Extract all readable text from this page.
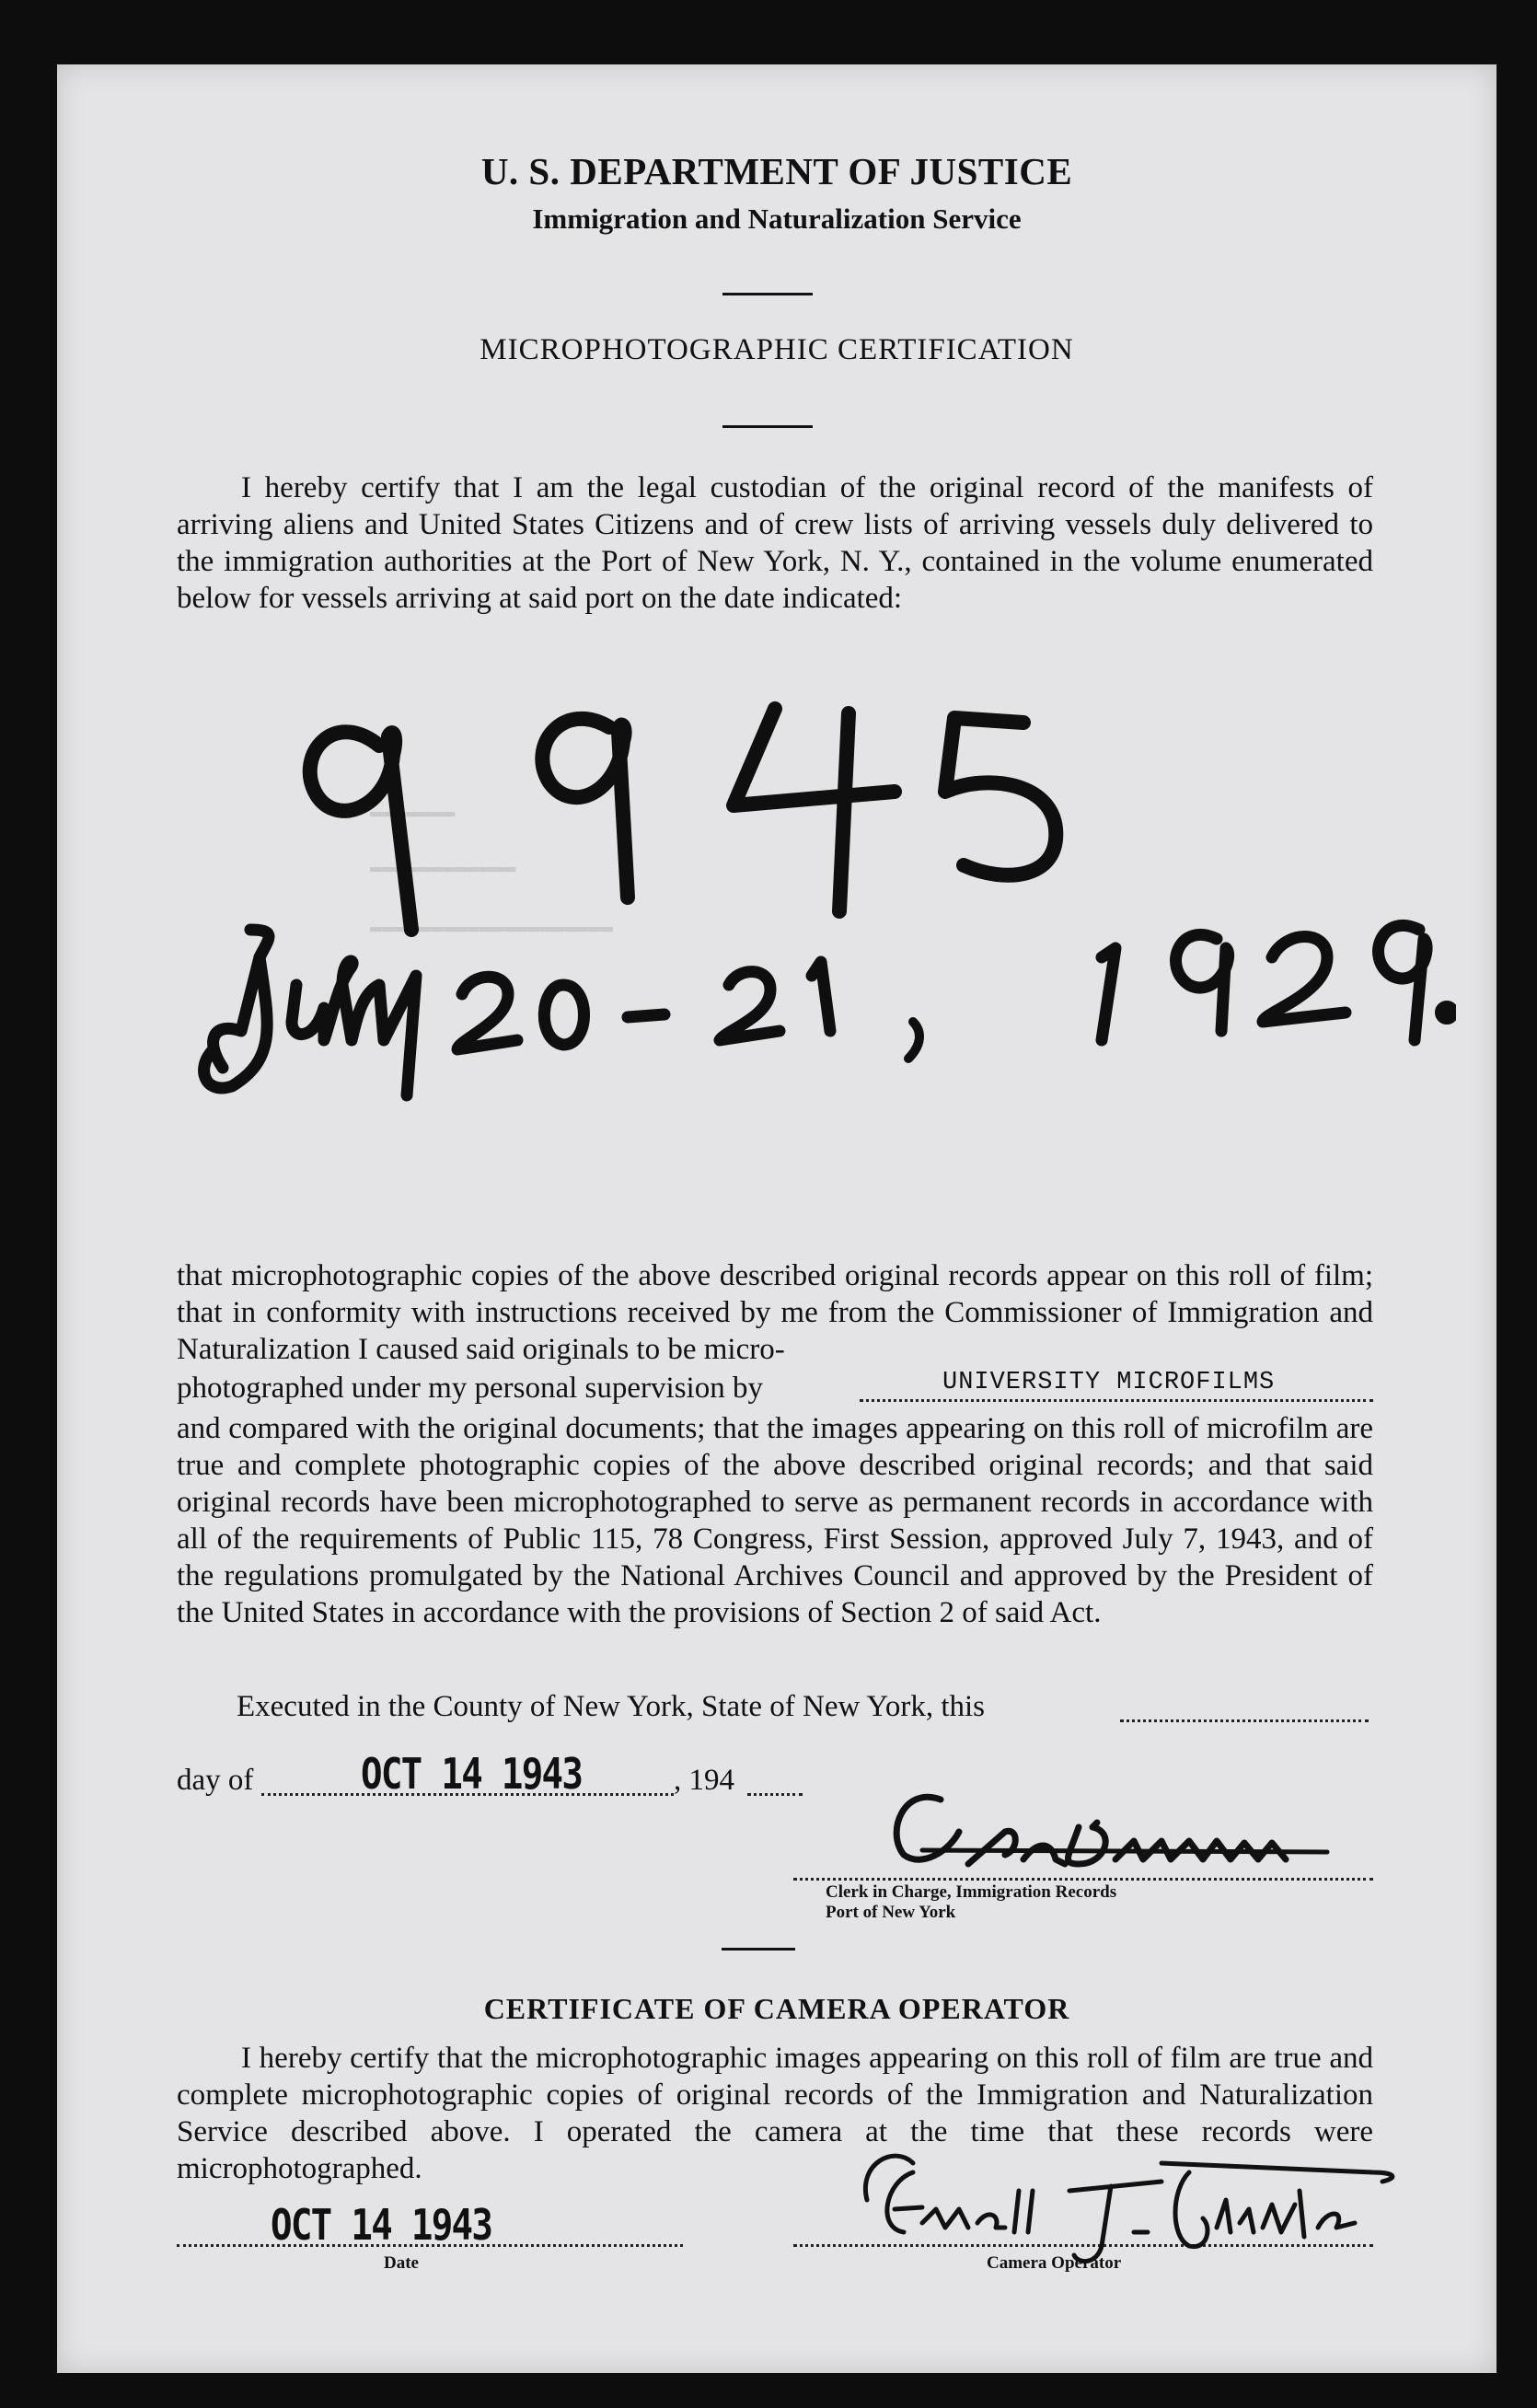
U. S. DEPARTMENT OF JUSTICE
Immigration and Naturalization Service
MICROPHOTOGRAPHIC CERTIFICATION
I hereby certify that I am the legal custodian of the original record of the manifests of arriving aliens and United States Citizens and of crew lists of arriving vessels duly delivered to the immigration authorities at the Port of New York, N. Y., contained in the volume enumerated below for vessels arriving at said port on the date indicated:
▬▬▬▬▬▬▬
▬▬▬▬▬▬▬▬▬▬▬▬
▬▬▬▬▬▬▬▬▬▬▬▬▬▬▬▬▬▬▬▬
that microphotographic copies of the above described original records appear on this roll of film; that in conformity with instructions received by me from the Commissioner of Immigration and Naturalization I caused said originals to be micro-
photographed under my personal supervision by	UNIVERSITY MICROFILMS
and compared with the original documents; that the images appearing on this roll of microfilm are true and complete photographic copies of the above described original records; and that said original records have been microphotographed to serve as permanent records in accordance with all of the requirements of Public 115, 78 Congress, First Session, approved July 7, 1943, and of the regulations promulgated by the National Archives Council and approved by the President of the United States in accordance with the provisions of Section 2 of said Act.
Executed in the County of New York, State of New York, this
day of	OCT 14 1943	, 194
Clerk in Charge, Immigration Records
Port of New York
CERTIFICATE OF CAMERA OPERATOR
I hereby certify that the microphotographic images appearing on this roll of film are true and complete microphotographic copies of original records of the Immigration and Naturalization Service described above. I operated the camera at the time that these records were microphotographed.
OCT 14 1943
Date	Camera Operator
